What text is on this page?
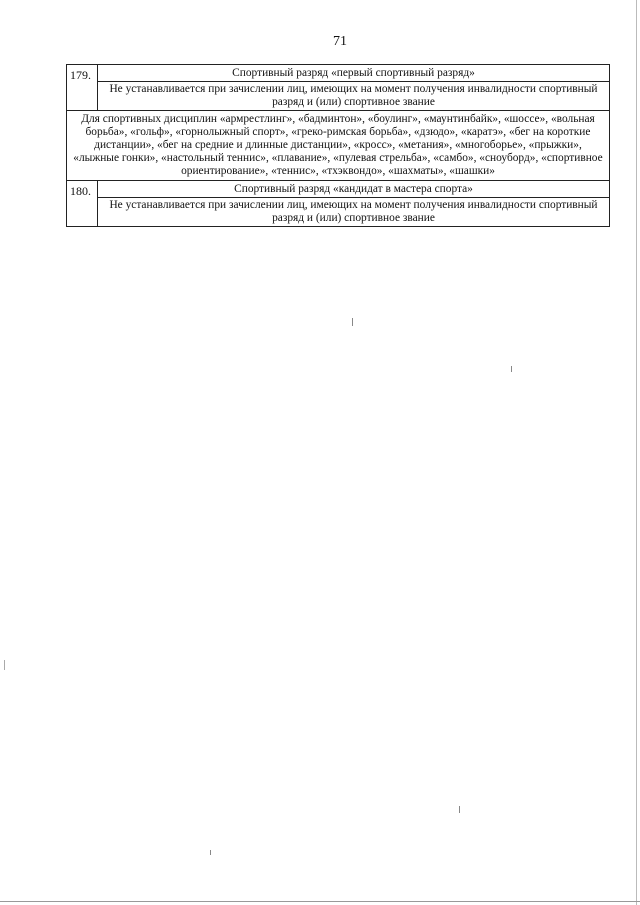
71
179.	Спортивный разряд «первый спортивный разряд»
	Не устанавливается при зачислении лиц, имеющих на момент получения инвалидности спортивный разряд и (или) спортивное звание
Для спортивных дисциплин «армрестлинг», «бадминтон», «боулинг», «маунтинбайк», «шоссе», «вольная борьба», «гольф», «горнолыжный спорт», «греко-римская борьба», «дзюдо», «каратэ», «бег на короткие дистанции», «бег на средние и длинные дистанции», «кросс», «метания», «многоборье», «прыжки», «лыжные гонки», «настольный теннис», «плавание», «пулевая стрельба», «самбо», «сноуборд», «спортивное ориентирование», «теннис», «тхэквондо», «шахматы», «шашки»	
180.	Спортивный разряд «кандидат в мастера спорта»
	Не устанавливается при зачислении лиц, имеющих на момент получения инвалидности спортивный разряд и (или) спортивное звание
